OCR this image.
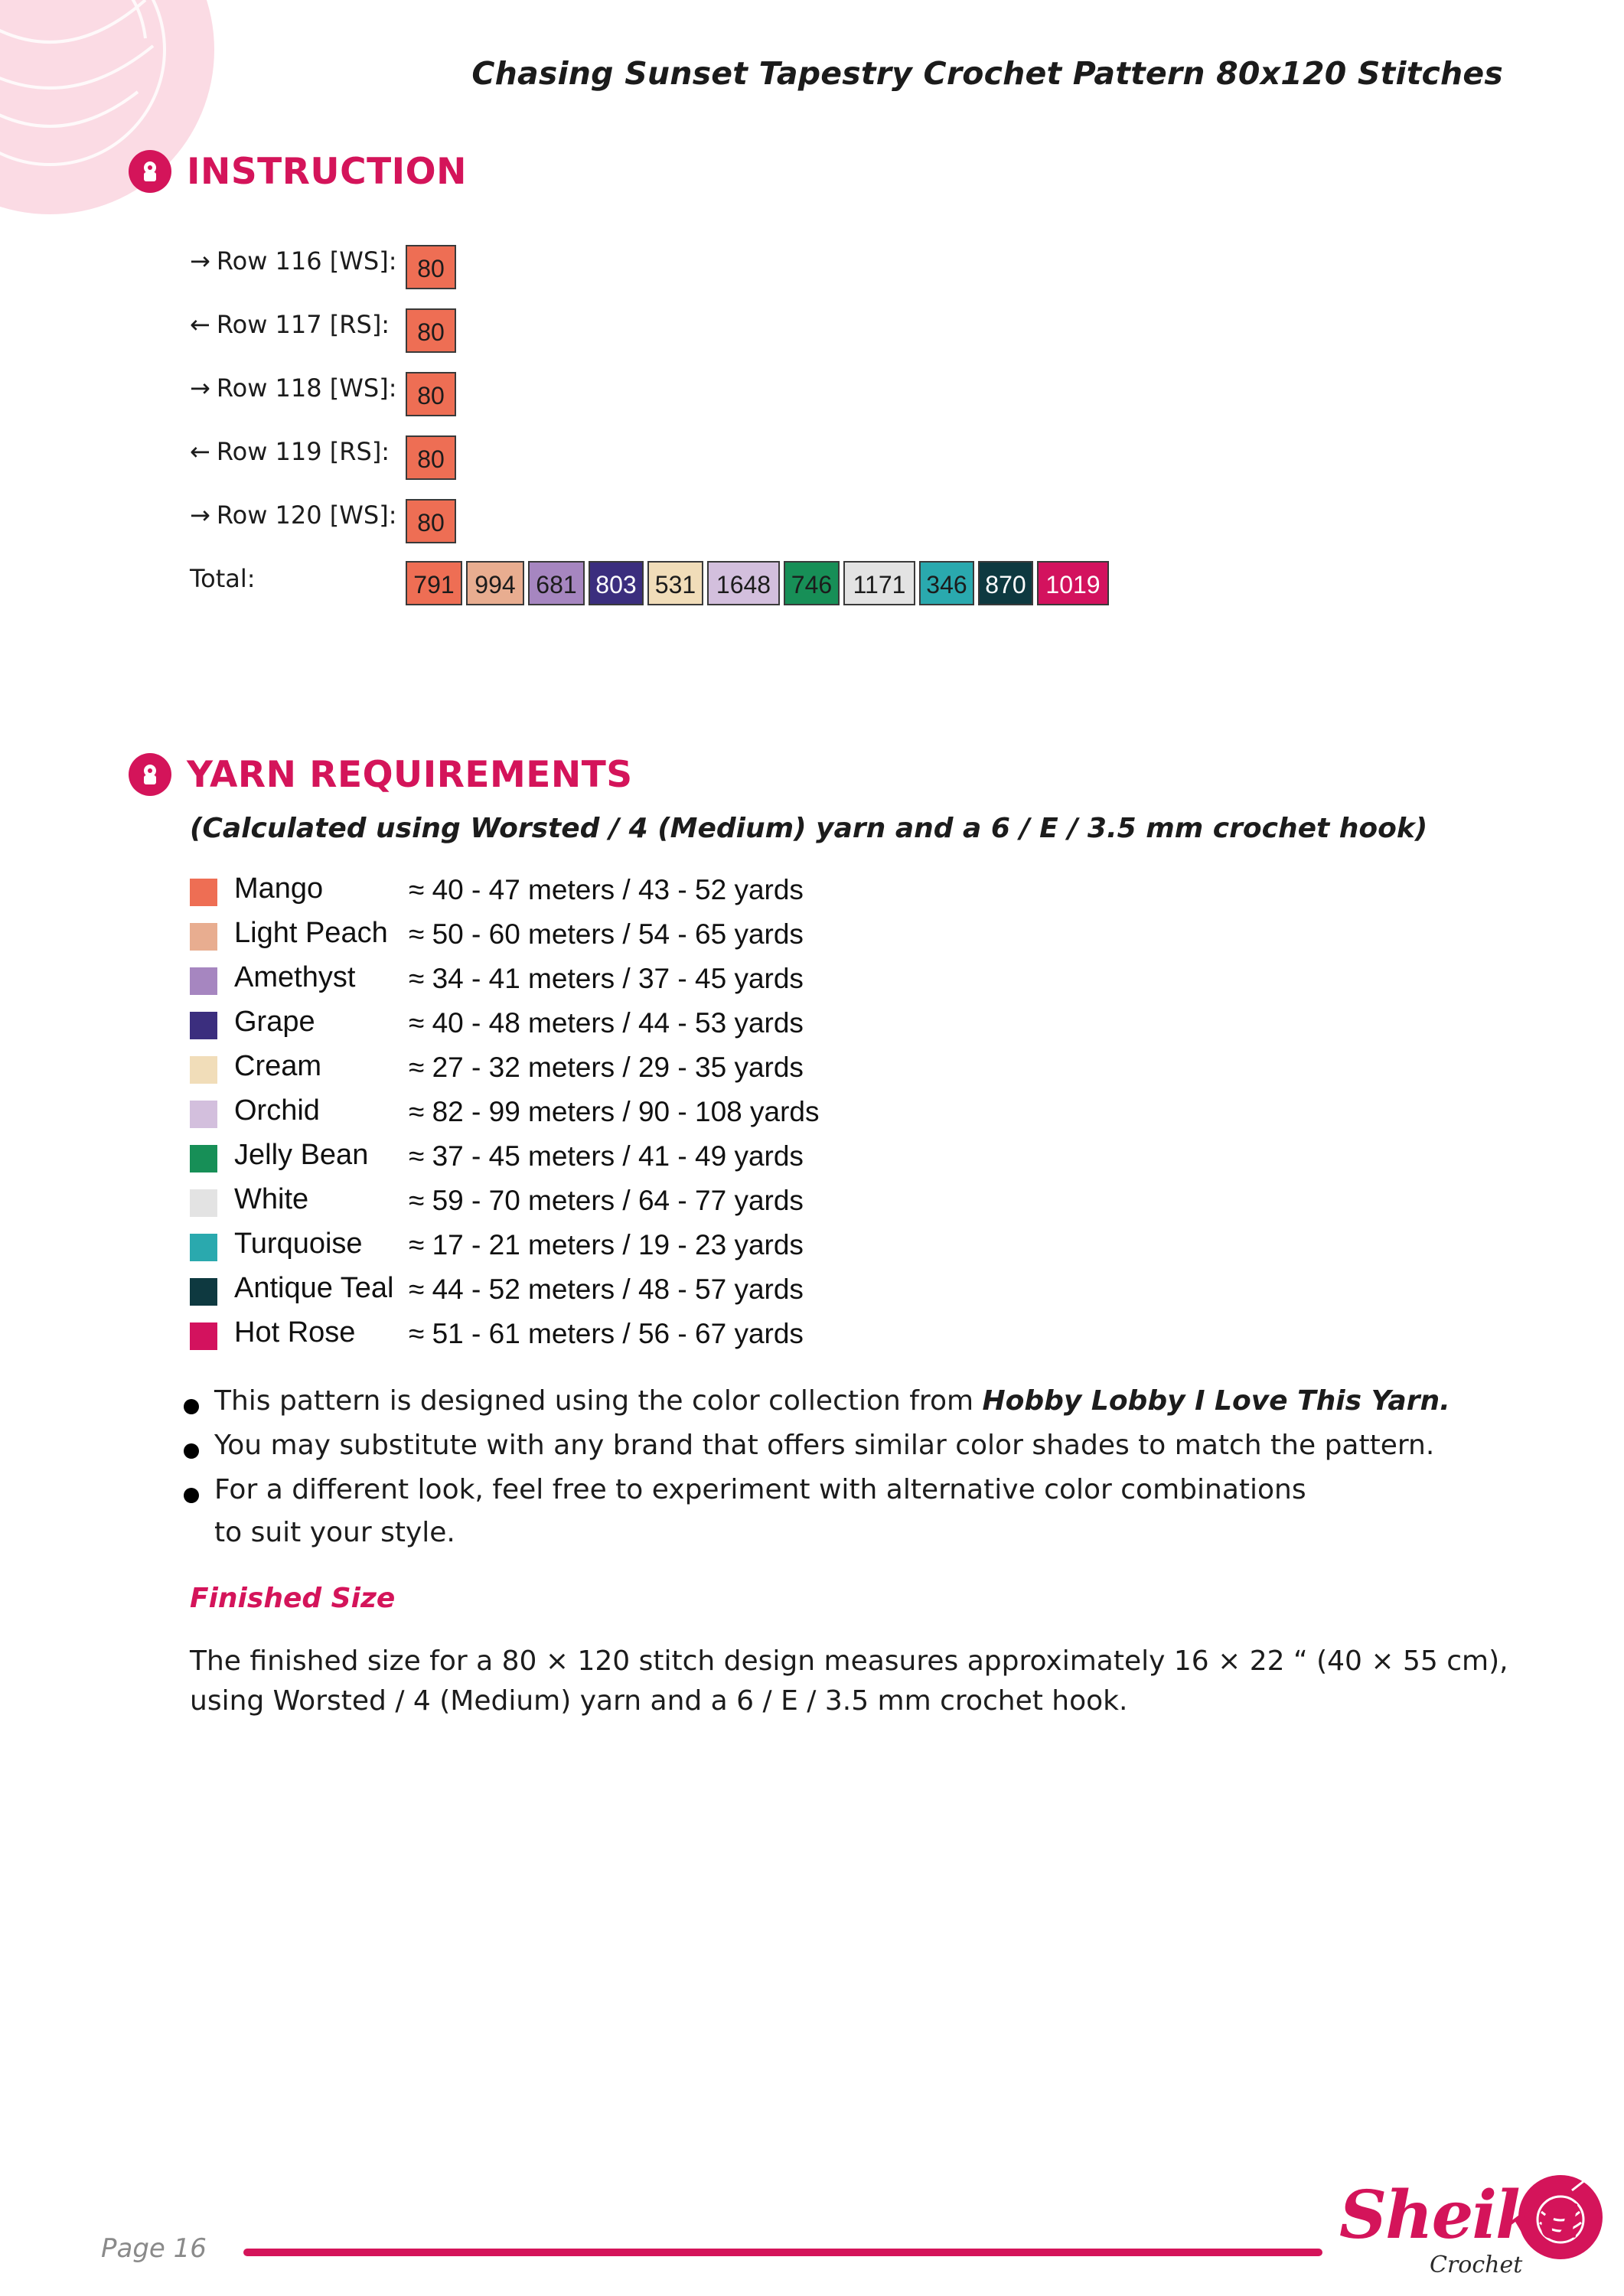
Chasing Sunset Tapestry Crochet Pattern 80x120 Stitches
INSTRUCTION
→ Row 116 [WS]: 80
← Row 117 [RS]:	80
→ Row 118 [WS]: 80
← Row 119 [RS]:	80
→ Row 120 [WS]: 80
Total:	791 994 681 803 531 1648 746 1171 346 870 1019
YARN REQUIREMENTS
(Calculated using Worsted / 4 (Medium) yarn and a 6 / E / 3.5 mm crochet hook)
Mango	≈ 40 - 47 meters / 43 - 52 yards
Light Peach ≈ 50 - 60 meters / 54 - 65 yards
Amethyst ≈ 34 - 41 meters / 37 - 45 yards
Grape	≈ 40 - 48 meters / 44 - 53 yards
Cream	≈ 27 - 32 meters / 29 - 35 yards
Orchid	≈ 82 - 99 meters / 90 - 108 yards
Jelly Bean ≈ 37 - 45 meters / 41 - 49 yards
White	≈ 59 - 70 meters / 64 - 77 yards
Turquoise ≈ 17 - 21 meters / 19 - 23 yards
Antique Teal ≈ 44 - 52 meters / 48 - 57 yards
Hot Rose ≈ 51 - 61 meters / 56 - 67 yards
This pattern is designed using the color collection from Hobby Lobby I Love This Yarn.
You may substitute with any brand that offers similar color shades to match the pattern.
For a different look, feel free to experiment with alternative color combinations
to suit your style.
Finished Size
The finished size for a 80 × 120 stitch design measures approximately 16 × 22 “ (40 × 55 cm),
using Worsted / 4 (Medium) yarn and a 6 / E / 3.5 mm crochet hook.
Page 16	Sheika
Crochet
